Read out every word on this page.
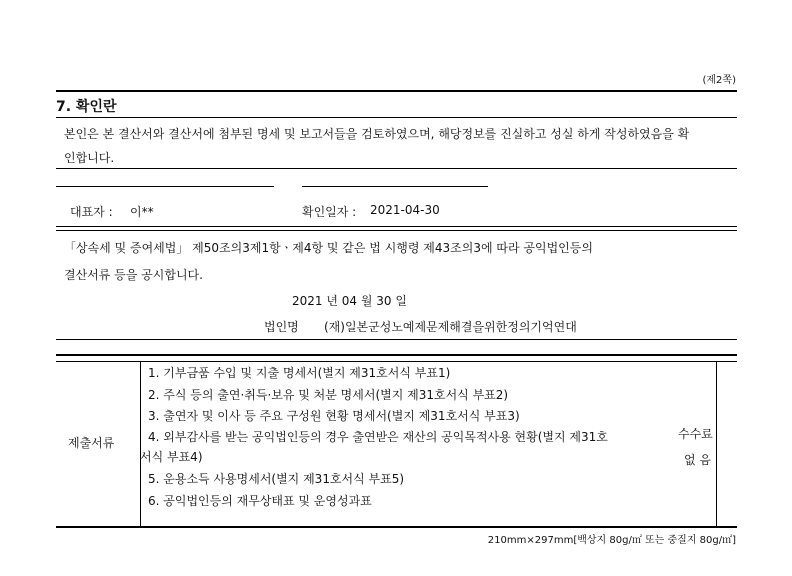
(제2쪽)
7. 확인란
본인은 본 결산서와 결산서에 첨부된 명세 및 보고서들을 검토하였으며, 해당정보를 진실하고 성실 하게 작성하였음을 확
인합니다.
대표자 : 이**	확인일자 : 2021-04-30
「상속세 및 증여세법」 제50조의3제1항ㆍ제4항 및 같은 법 시행령 제43조의3에 따라 공익법인등의
결산서류 등을 공시합니다.
2021 년 04 월 30 일
법인명 (재)일본군성노예제문제해결을위한정의기억연대
제출서류
1. 기부금품 수입 및 지출 명세서(별지 제31호서식 부표1)
2. 주식 등의 출연·취득·보유 및 처분 명세서(별지 제31호서식 부표2)
3. 출연자 및 이사 등 주요 구성원 현황 명세서(별지 제31호서식 부표3)
4. 외부감사를 받는 공익법인등의 경우 출연받은 재산의 공익목적사용 현황(별지 제31호
서식 부표4)
5. 운용소득 사용명세서(별지 제31호서식 부표5)
6. 공익법인등의 재무상태표 및 운영성과표
수수료
없 음
210mm×297mm[백상지 80g/㎡ 또는 중질지 80g/㎡]
